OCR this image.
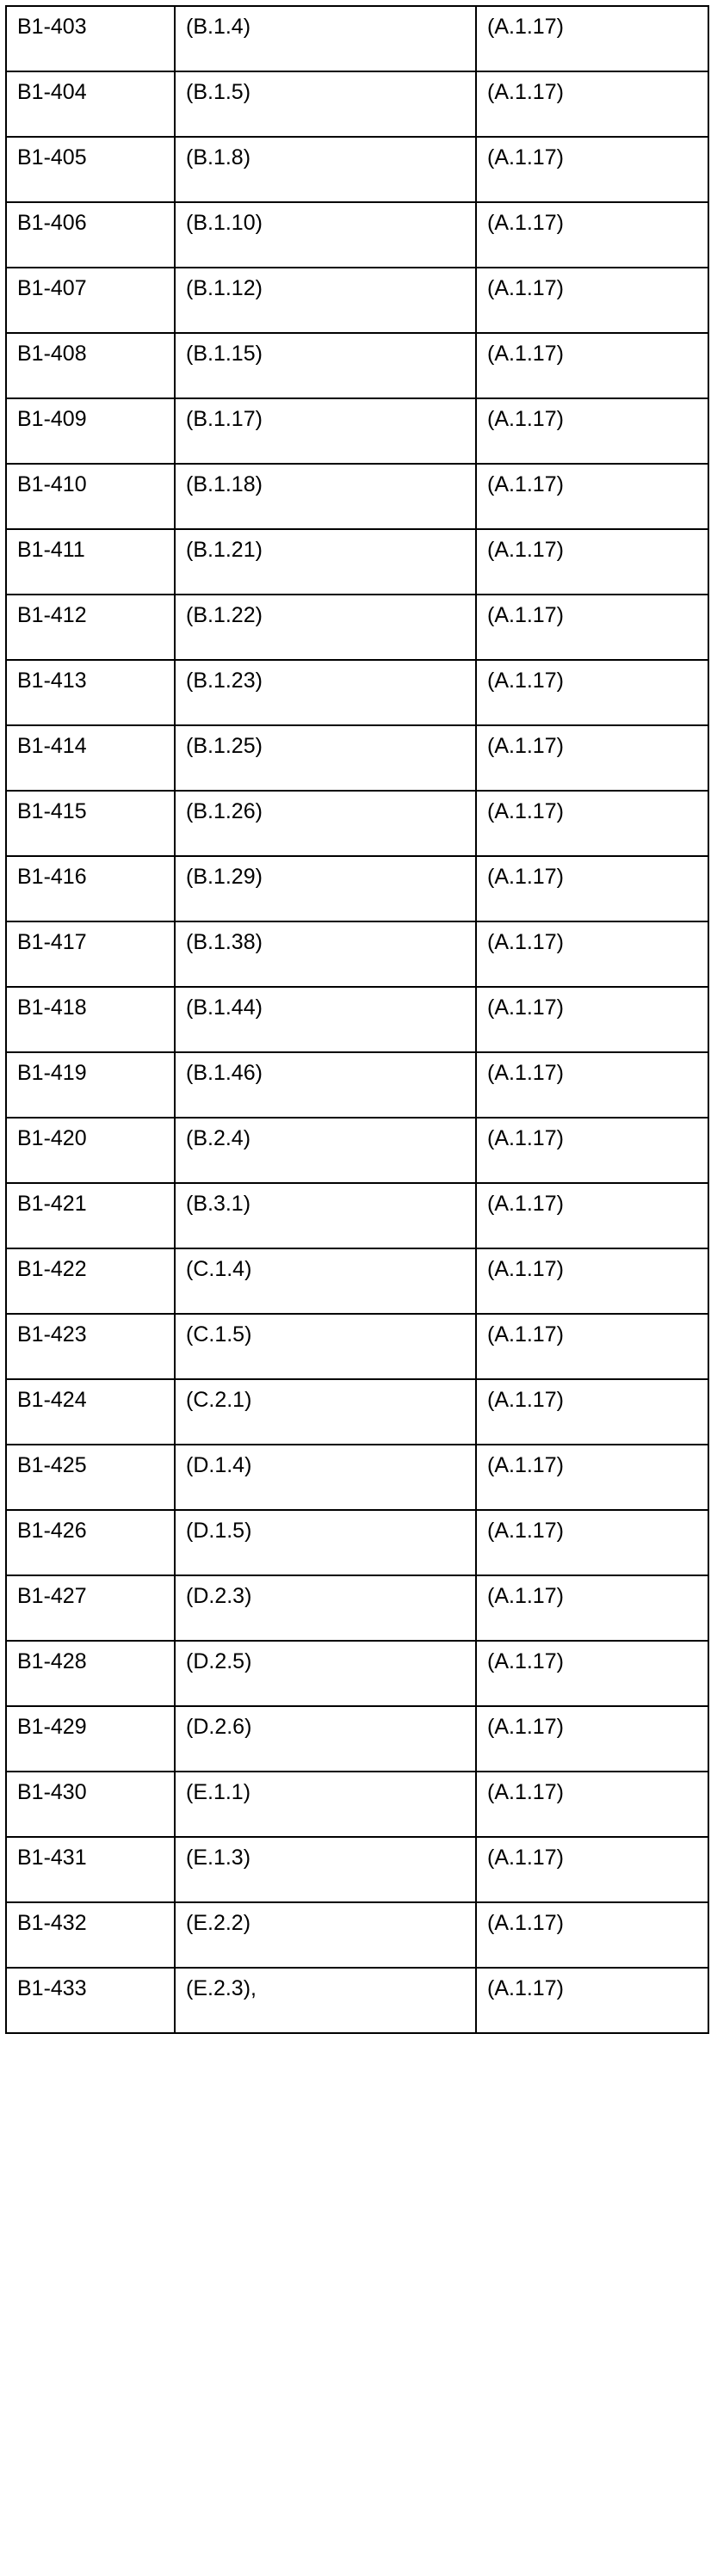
B1-403	(B.1.4)	(A.1.17)
B1-404	(B.1.5)	(A.1.17)
B1-405	(B.1.8)	(A.1.17)
B1-406	(B.1.10)	(A.1.17)
B1-407	(B.1.12)	(A.1.17)
B1-408	(B.1.15)	(A.1.17)
B1-409	(B.1.17)	(A.1.17)
B1-410	(B.1.18)	(A.1.17)
B1-411	(B.1.21)	(A.1.17)
B1-412	(B.1.22)	(A.1.17)
B1-413	(B.1.23)	(A.1.17)
B1-414	(B.1.25)	(A.1.17)
B1-415	(B.1.26)	(A.1.17)
B1-416	(B.1.29)	(A.1.17)
B1-417	(B.1.38)	(A.1.17)
B1-418	(B.1.44)	(A.1.17)
B1-419	(B.1.46)	(A.1.17)
B1-420	(B.2.4)	(A.1.17)
B1-421	(B.3.1)	(A.1.17)
B1-422	(C.1.4)	(A.1.17)
B1-423	(C.1.5)	(A.1.17)
B1-424	(C.2.1)	(A.1.17)
B1-425	(D.1.4)	(A.1.17)
B1-426	(D.1.5)	(A.1.17)
B1-427	(D.2.3)	(A.1.17)
B1-428	(D.2.5)	(A.1.17)
B1-429	(D.2.6)	(A.1.17)
B1-430	(E.1.1)	(A.1.17)
B1-431	(E.1.3)	(A.1.17)
B1-432	(E.2.2)	(A.1.17)
B1-433	(E.2.3),	(A.1.17)
